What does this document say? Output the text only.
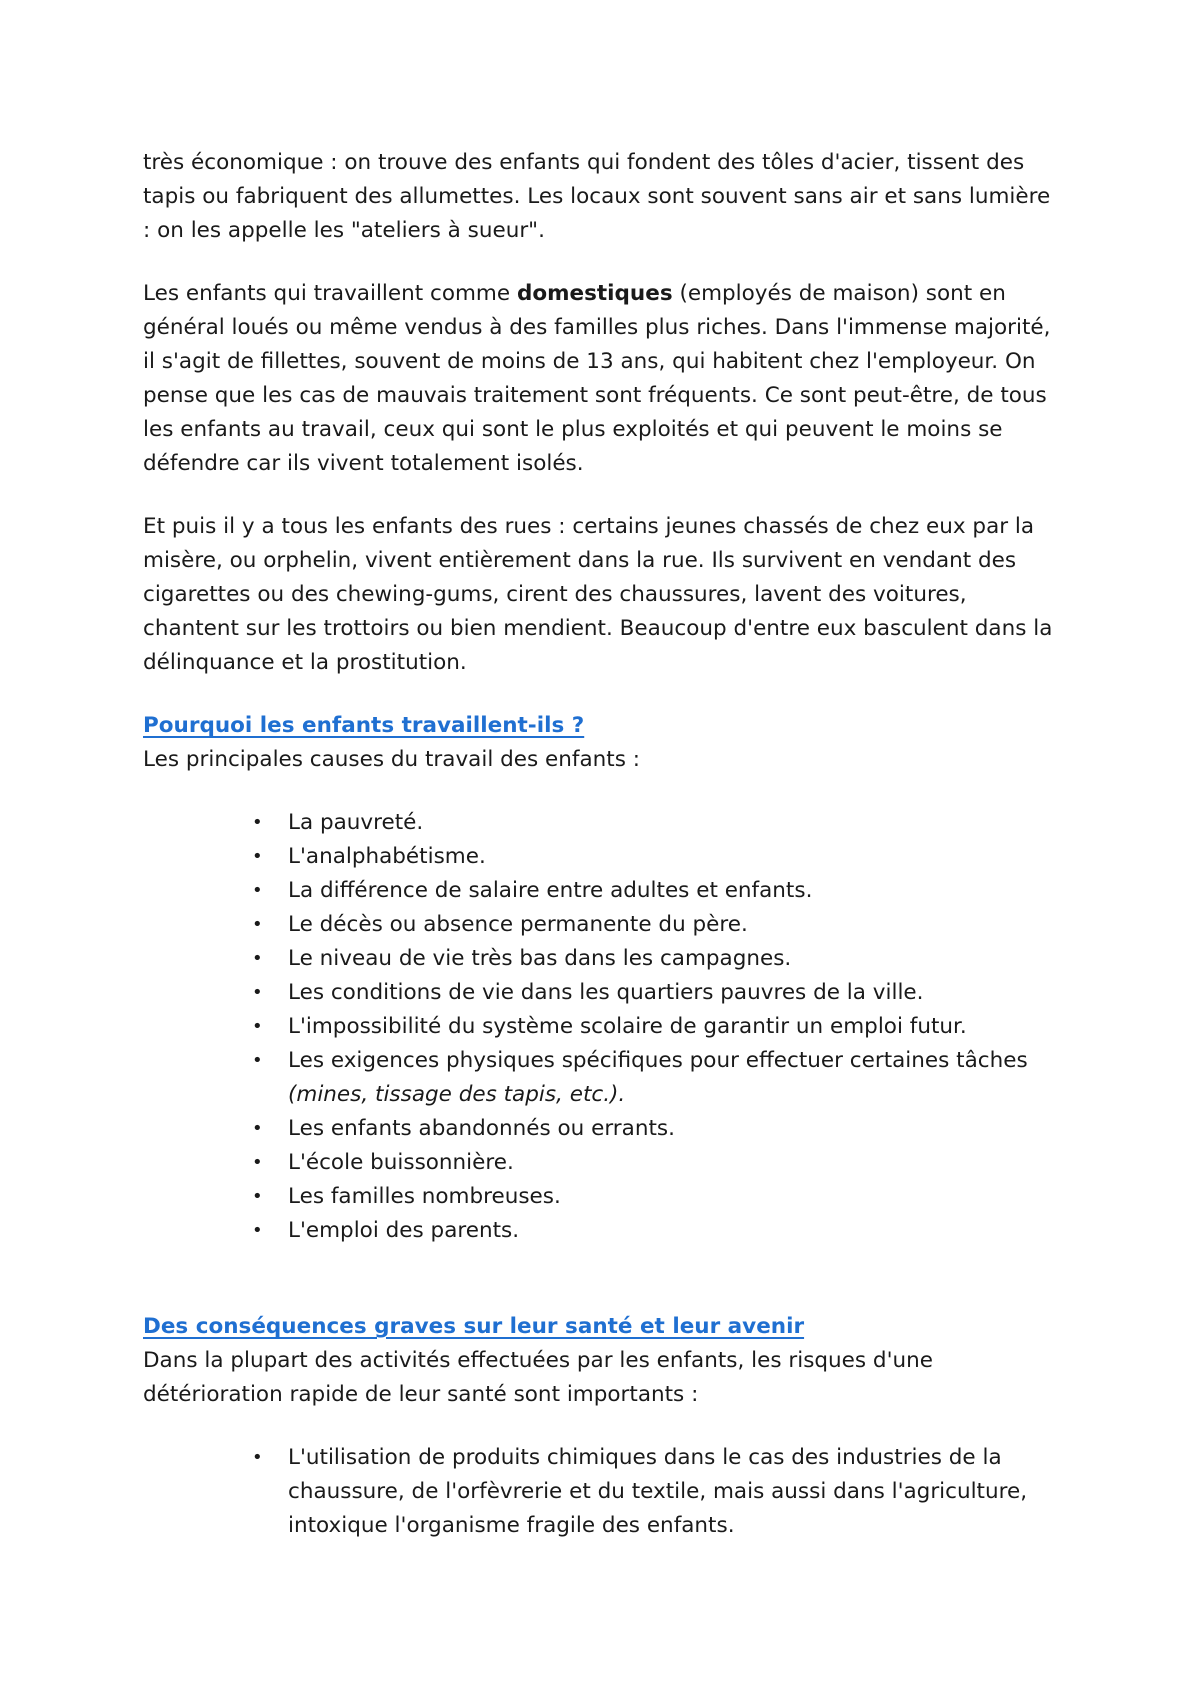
très économique : on trouve des enfants qui fondent des tôles d'acier, tissent des tapis ou fabriquent des allumettes. Les locaux sont souvent sans air et sans lumière : on les appelle les "ateliers à sueur".

Les enfants qui travaillent comme domestiques (employés de maison) sont en général loués ou même vendus à des familles plus riches. Dans l'immense majorité, il s'agit de fillettes, souvent de moins de 13 ans, qui habitent chez l'employeur. On pense que les cas de mauvais traitement sont fréquents. Ce sont peut-être, de tous les enfants au travail, ceux qui sont le plus exploités et qui peuvent le moins se défendre car ils vivent totalement isolés.

Et puis il y a tous les enfants des rues : certains jeunes chassés de chez eux par la misère, ou orphelin, vivent entièrement dans la rue. Ils survivent en vendant des cigarettes ou des chewing-gums, cirent des chaussures, lavent des voitures, chantent sur les trottoirs ou bien mendient. Beaucoup d'entre eux basculent dans la délinquance et la prostitution.

Pourquoi les enfants travaillent-ils ?

Les principales causes du travail des enfants :

• La pauvreté.
• L'analphabétisme.
• La différence de salaire entre adultes et enfants.
• Le décès ou absence permanente du père.
• Le niveau de vie très bas dans les campagnes.
• Les conditions de vie dans les quartiers pauvres de la ville.
• L'impossibilité du système scolaire de garantir un emploi futur.
• Les exigences physiques spécifiques pour effectuer certaines tâches (mines, tissage des tapis, etc.).
• Les enfants abandonnés ou errants.
• L'école buissonnière.
• Les familles nombreuses.
• L'emploi des parents.

Des conséquences graves sur leur santé et leur avenir

Dans la plupart des activités effectuées par les enfants, les risques d'une détérioration rapide de leur santé sont importants :

• L'utilisation de produits chimiques dans le cas des industries de la chaussure, de l'orfèvrerie et du textile, mais aussi dans l'agriculture, intoxique l'organisme fragile des enfants.
